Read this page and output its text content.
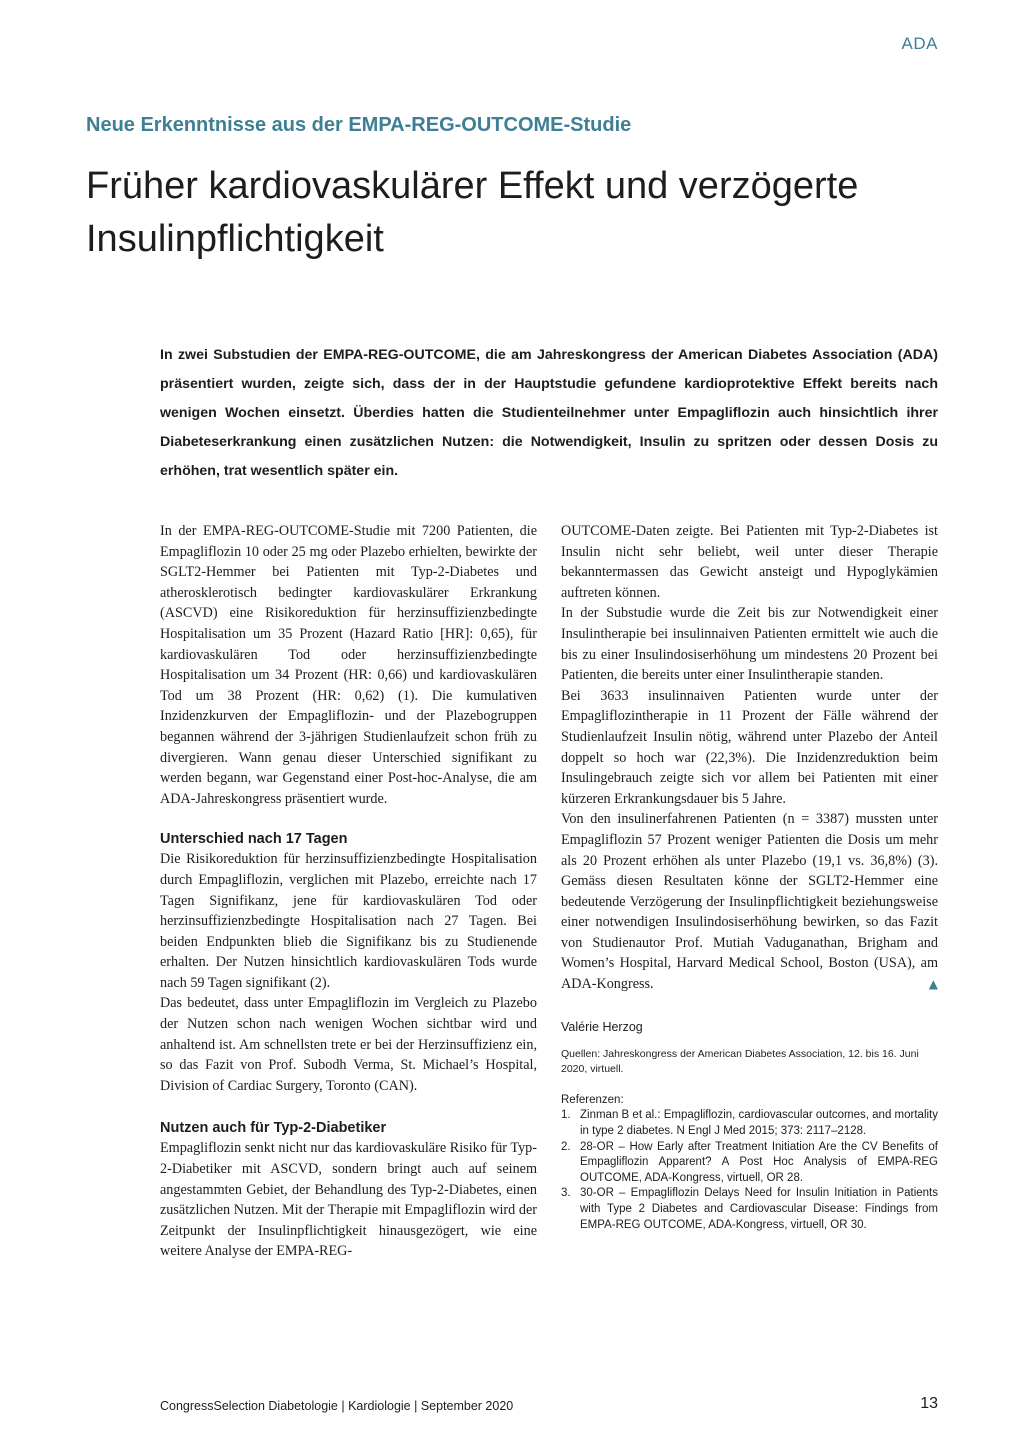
ADA
Neue Erkenntnisse aus der EMPA-REG-OUTCOME-Studie
Früher kardiovaskulärer Effekt und verzögerte
Insulinpflichtigkeit

In zwei Substudien der EMPA-REG-OUTCOME, die am Jahreskongress der American Diabetes Association (ADA) präsentiert wurden, zeigte sich, dass der in der Hauptstudie gefundene kardioprotektive Effekt bereits nach wenigen Wochen einsetzt. Überdies hatten die Studienteilnehmer unter Empagliflozin auch hinsichtlich ihrer Diabeteserkrankung einen zusätzlichen Nutzen: die Notwendigkeit, Insulin zu spritzen oder dessen Dosis zu erhöhen, trat wesentlich später ein.

In der EMPA-REG-OUTCOME-Studie mit 7200 Patienten, die Empagliflozin 10 oder 25 mg oder Plazebo erhielten, bewirkte der SGLT2-Hemmer bei Patienten mit Typ-2-Diabetes und atherosklerotisch bedingter kardiovaskulärer Erkrankung (ASCVD) eine Risikoreduktion für herzinsuffizienzbedingte Hospitalisation um 35 Prozent (Hazard Ratio [HR]: 0,65), für kardiovaskulären Tod oder herzinsuffizienzbedingte Hospitalisation um 34 Prozent (HR: 0,66) und kardiovaskulären Tod um 38 Prozent (HR: 0,62) (1). Die kumulativen Inzidenzkurven der Empagliflozin- und der Plazebogruppen begannen während der 3-jährigen Studienlaufzeit schon früh zu divergieren. Wann genau dieser Unterschied signifikant zu werden begann, war Gegenstand einer Post-hoc-Analyse, die am ADA-Jahreskongress präsentiert wurde.

Unterschied nach 17 Tagen

Die Risikoreduktion für herzinsuffizienzbedingte Hospitalisation durch Empagliflozin, verglichen mit Plazebo, erreichte nach 17 Tagen Signifikanz, jene für kardiovaskulären Tod oder herzinsuffizienzbedingte Hospitalisation nach 27 Tagen. Bei beiden Endpunkten blieb die Signifikanz bis zu Studienende erhalten. Der Nutzen hinsichtlich kardiovaskulären Tods wurde nach 59 Tagen signifikant (2).

Das bedeutet, dass unter Empagliflozin im Vergleich zu Plazebo der Nutzen schon nach wenigen Wochen sichtbar wird und anhaltend ist. Am schnellsten trete er bei der Herzinsuffizienz ein, so das Fazit von Prof. Subodh Verma, St. Michael’s Hospital, Division of Cardiac Surgery, Toronto (CAN).

Nutzen auch für Typ-2-Diabetiker

Empagliflozin senkt nicht nur das kardiovaskuläre Risiko für Typ-2-Diabetiker mit ASCVD, sondern bringt auch auf seinem angestammten Gebiet, der Behandlung des Typ-2-Diabetes, einen zusätzlichen Nutzen. Mit der Therapie mit Empagliflozin wird der Zeitpunkt der Insulinpflichtigkeit hinausgezögert, wie eine weitere Analyse der EMPA-REG-

OUTCOME-Daten zeigte. Bei Patienten mit Typ-2-Diabetes ist Insulin nicht sehr beliebt, weil unter dieser Therapie bekanntermassen das Gewicht ansteigt und Hypoglykämien auftreten können.

In der Substudie wurde die Zeit bis zur Notwendigkeit einer Insulintherapie bei insulinnaiven Patienten ermittelt wie auch die bis zu einer Insulindosiserhöhung um mindestens 20 Prozent bei Patienten, die bereits unter einer Insulintherapie standen.

Bei 3633 insulinnaiven Patienten wurde unter der Empagliflozintherapie in 11 Prozent der Fälle während der Studienlaufzeit Insulin nötig, während unter Plazebo der Anteil doppelt so hoch war (22,3%). Die Inzidenzreduktion beim Insulingebrauch zeigte sich vor allem bei Patienten mit einer kürzeren Erkrankungsdauer bis 5 Jahre.

Von den insulinerfahrenen Patienten (n = 3387) mussten unter Empagliflozin 57 Prozent weniger Patienten die Dosis um mehr als 20 Prozent erhöhen als unter Plazebo (19,1 vs. 36,8%) (3). Gemäss diesen Resultaten könne der SGLT2-Hemmer eine bedeutende Verzögerung der Insulinpflichtigkeit beziehungsweise einer notwendigen Insulindosiserhöhung bewirken, so das Fazit von Studienautor Prof. Mutiah Vaduganathan, Brigham and Women’s Hospital, Harvard Medical School, Boston (USA), am ADA-Kongress.	▲

Valérie Herzog
Quellen: Jahreskongress der American Diabetes Association, 12. bis 16. Juni 2020, virtuell.
Referenzen:
1. Zinman B et al.: Empagliflozin, cardiovascular outcomes, and mortality in type 2 diabetes. N Engl J Med 2015; 373: 2117–2128.
2. 28-OR – How Early after Treatment Initiation Are the CV Benefits of Empagliflozin Apparent? A Post Hoc Analysis of EMPA-REG OUTCOME, ADA-Kongress, virtuell, OR 28.
3. 30-OR – Empagliflozin Delays Need for Insulin Initiation in Patients with Type 2 Diabetes and Cardiovascular Disease: Findings from EMPA-REG OUTCOME, ADA-Kongress, virtuell, OR 30.
CongressSelection Diabetologie | Kardiologie | September 2020	13
